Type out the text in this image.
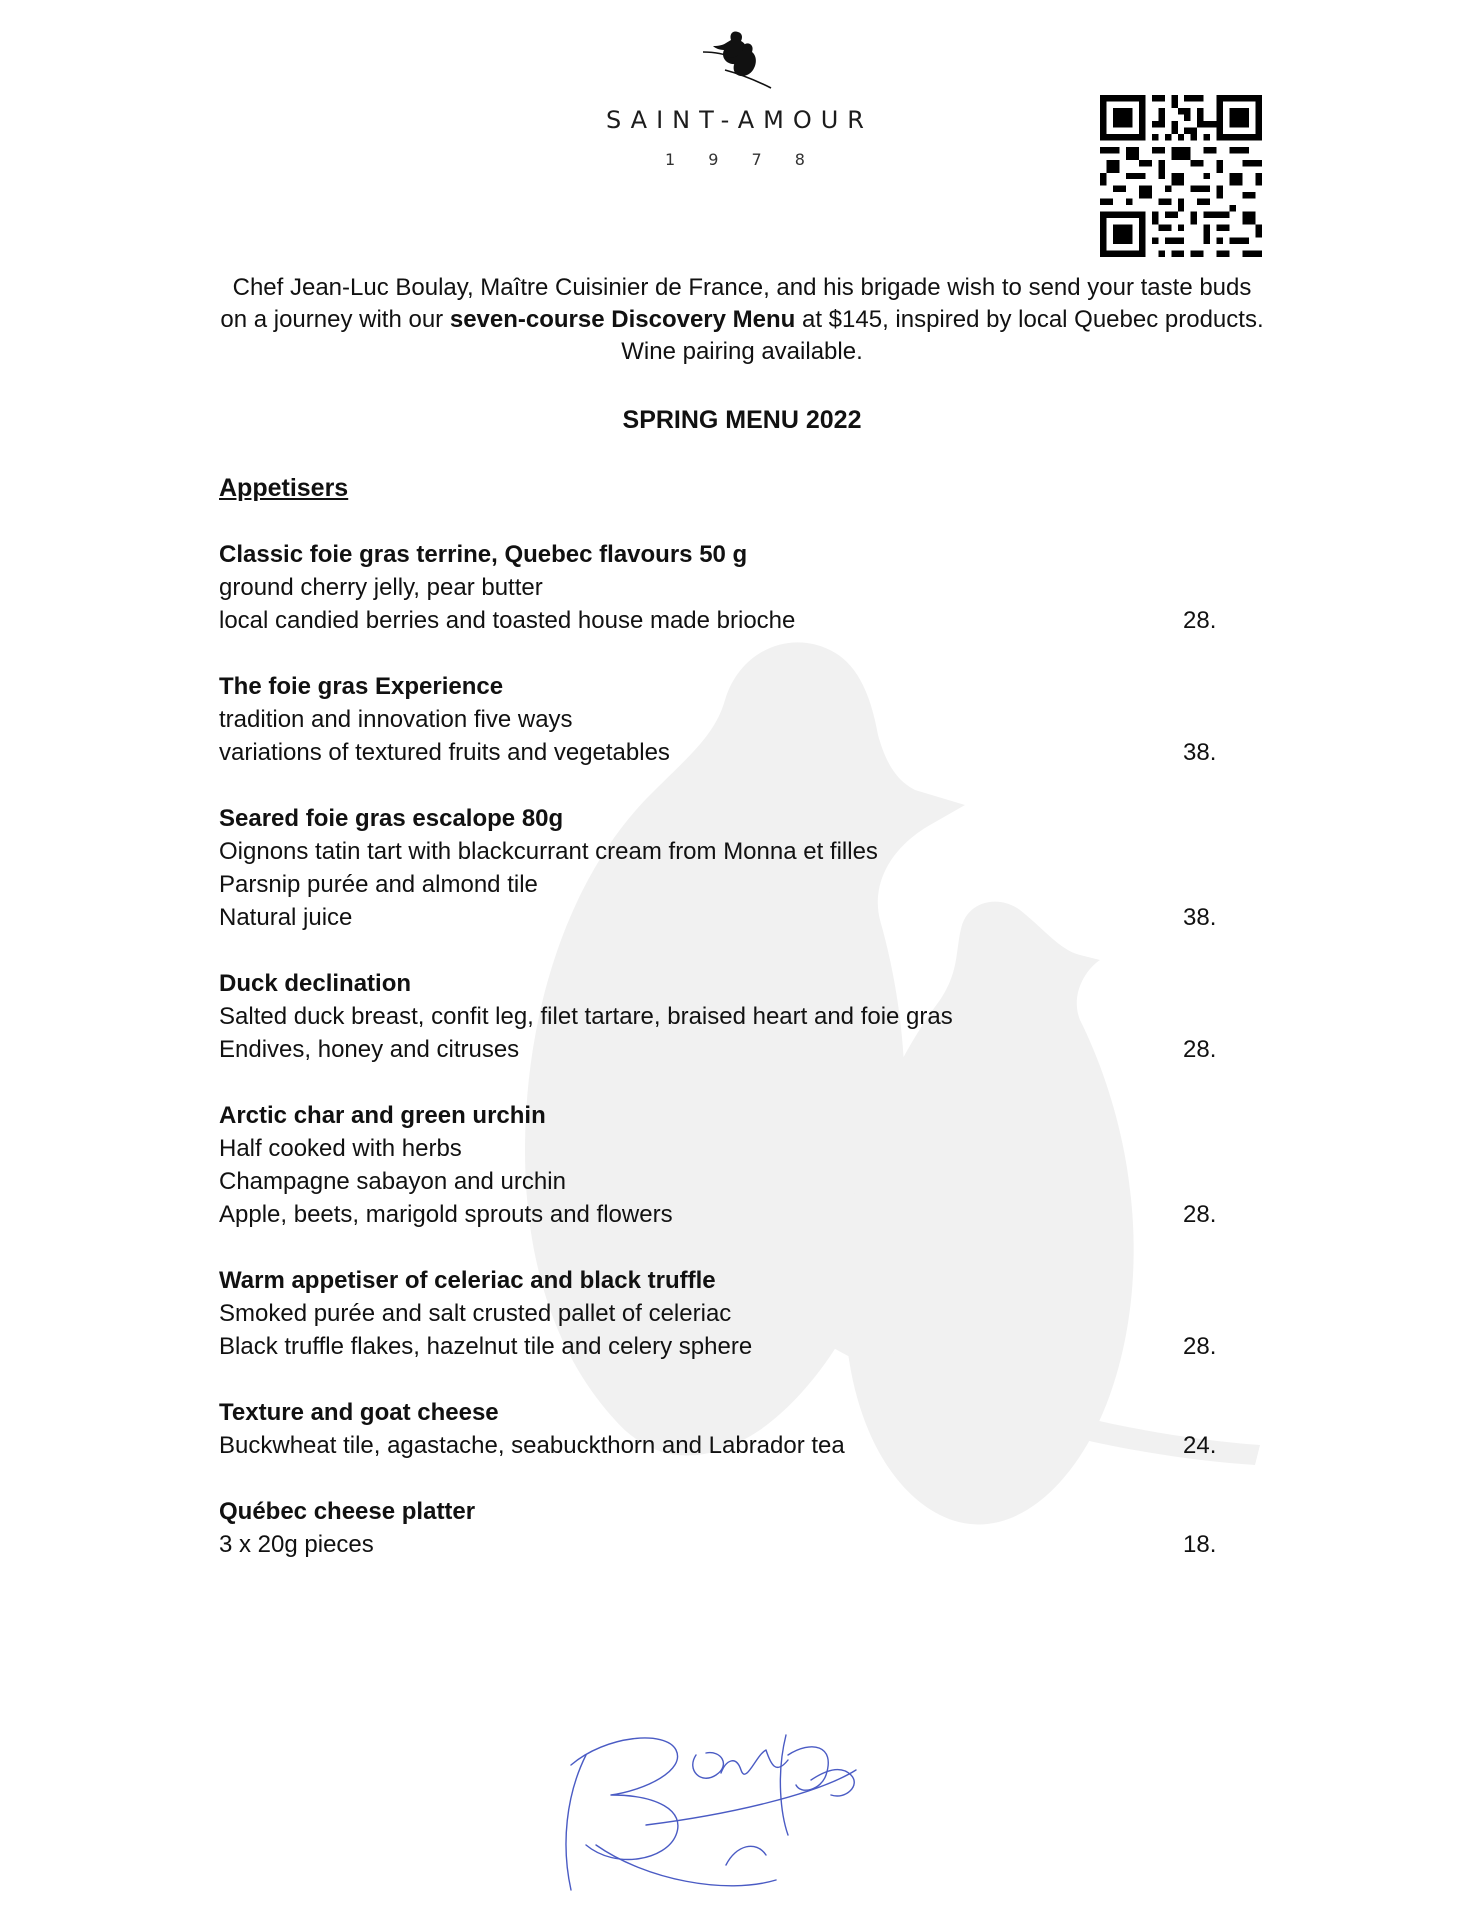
SAINT-AMOUR
1 9 7 8
Chef Jean-Luc Boulay, Maître Cuisinier de France, and his brigade wish to send your taste buds
on a journey with our seven-course Discovery Menu at $145, inspired by local Quebec products.
Wine pairing available.
SPRING MENU 2022
Appetisers
Classic foie gras terrine, Quebec flavours 50 g
ground cherry jelly, pear butter
local candied berries and toasted house made brioche	28.
The foie gras Experience
tradition and innovation five ways
variations of textured fruits and vegetables	38.
Seared foie gras escalope 80g
Oignons tatin tart with blackcurrant cream from Monna et filles
Parsnip purée and almond tile
Natural juice	38.
Duck declination
Salted duck breast, confit leg, filet tartare, braised heart and foie gras
Endives, honey and citruses	28.
Arctic char and green urchin
Half cooked with herbs
Champagne sabayon and urchin
Apple, beets, marigold sprouts and flowers	28.
Warm appetiser of celeriac and black truffle
Smoked purée and salt crusted pallet of celeriac
Black truffle flakes, hazelnut tile and celery sphere	28.
Texture and goat cheese
Buckwheat tile, agastache, seabuckthorn and Labrador tea	24.
Québec cheese platter
3 x 20g pieces	18.
